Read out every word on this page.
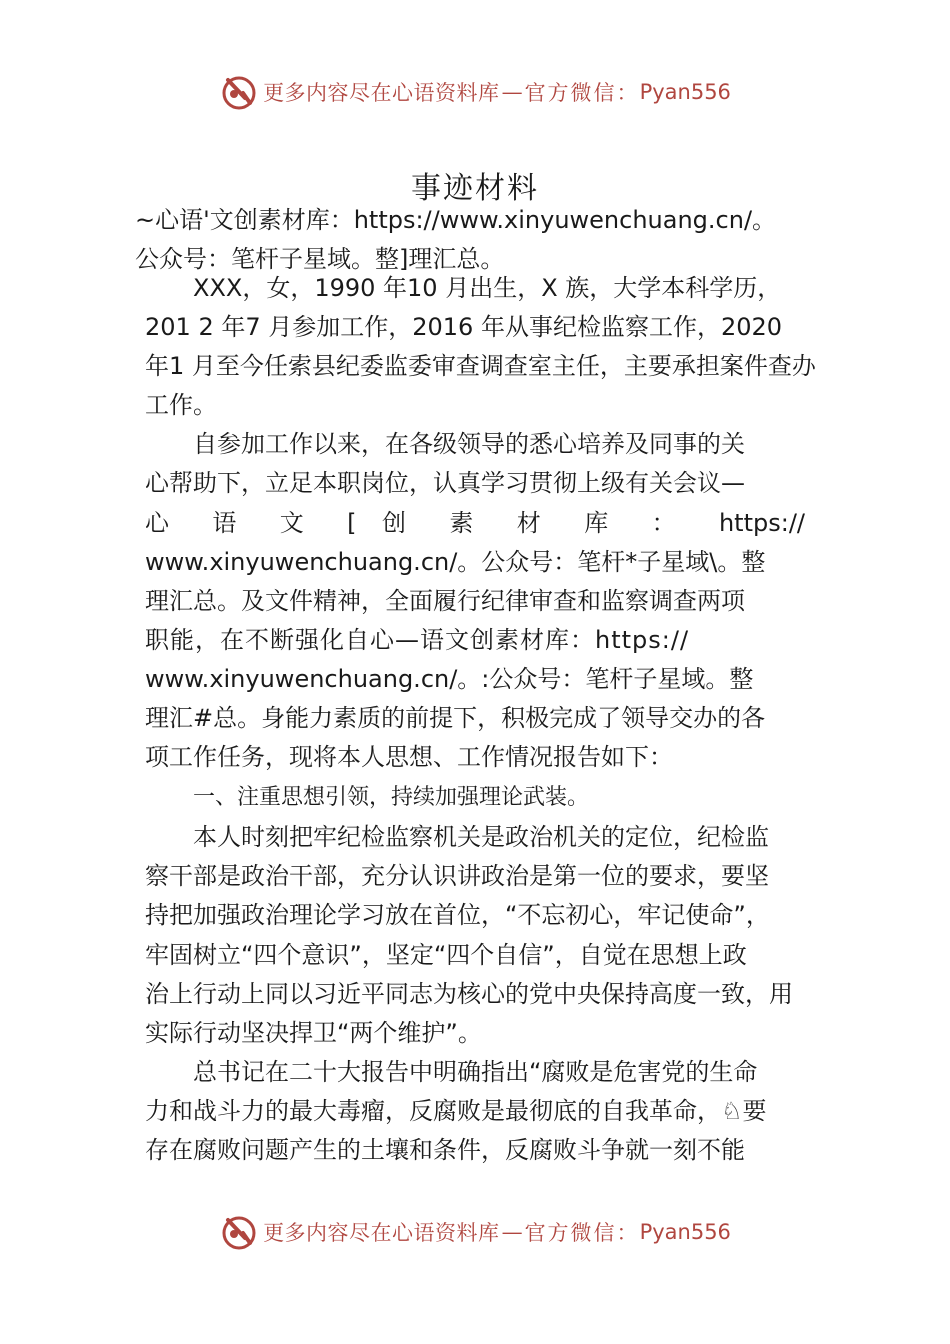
更多内容尽在心语资料库 — 官方微信： Pyan556
事迹材料
~心语'文创素材库：https://www.xinyuwenchuang.cn/。
公众号：笔杆子星域。整]理汇总。
XXX，女，1990 年10 月出生，X 族，大学本科学历，
201 2 年7 月参加工作，2016 年从事纪检监察工作，2020
年1 月至今任索县纪委监委审查调查室主任，主要承担案件查办
工作。
自参加工作以来，在各级领导的悉心培养及同事的关
心帮助下，立足本职岗位，认真学习贯彻上级有关会议—
心 语 文 [ 创 素 材 库 ： https://
www.xinyuwenchuang.cn/。公众号：笔杆*子星域\。整
理汇总。及文件精神，全面履行纪律审查和监察调查两项
职能，在不断强化自心—语文创素材库：https://
www.xinyuwenchuang.cn/。:公众号：笔杆子星域。整
理汇#总。身能力素质的前提下，积极完成了领导交办的各
项工作任务，现将本人思想、工作情况报告如下：
一、注重思想引领，持续加强理论武装。
本人时刻把牢纪检监察机关是政治机关的定位，纪检监
察干部是政治干部，充分认识讲政治是第一位的要求，要坚
持把加强政治理论学习放在首位，“不忘初心，牢记使命”，
牢固树立“四个意识”，坚定“四个自信”，自觉在思想上政
治上行动上同以习近平同志为核心的党中央保持高度一致，用
实际行动坚决捍卫“两个维护”。
总书记在二十大报告中明确指出“腐败是危害党的生命
力和战斗力的最大毒瘤，反腐败是最彻底的自我革命，♘要
存在腐败问题产生的土壤和条件，反腐败斗争就一刻不能
更多内容尽在心语资料库 — 官方微信： Pyan556
